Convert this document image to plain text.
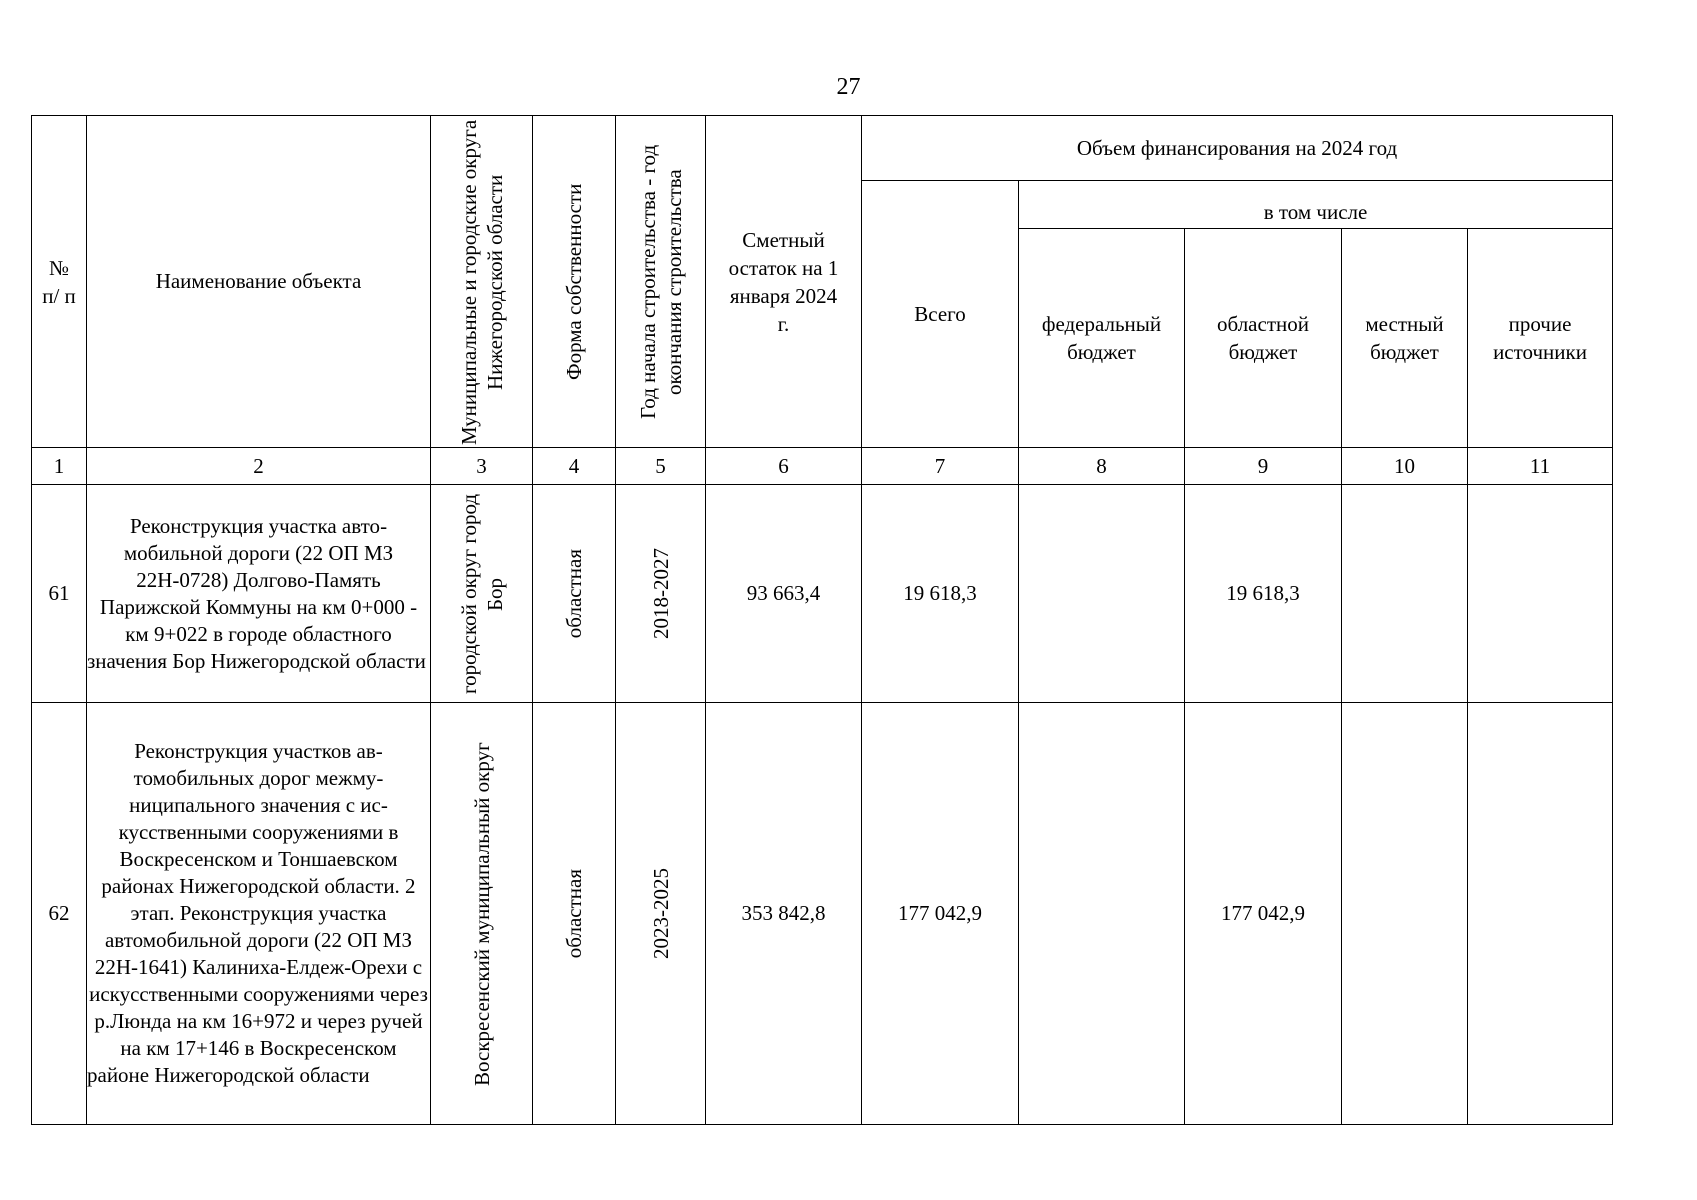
27
№ п/ п	Наименование объекта	Муниципальные и городские округа Нижегородской области	Форма собственности	Год начала строительства - год окончания строительства	Сметный остаток на 1 января 2024 г.	Объем финансирования на 2024 год				

						Всего	в том числе			

							федеральный бюджет	областной бюджет	местный бюджет	прочие источники

1	2	3	4	5	6	7	8	9	10	11
61	Реконструкция участка автомобильной дороги (22 ОП МЗ 22Н-0728) Долгово-Память Парижской Коммуны на км 0+000 - км 9+022 в городе областного значения Бор Нижегородской области	городской округ город Бор	областная	2018-2027	93 663,4	19 618,3		19 618,3		
62	Реконструкция участков автомобильных дорог межмуниципального значения с искусственными сооружениями в Воскресенском и Тоншаевском районах Нижегородской области. 2 этап. Реконструкция участка автомобильной дороги (22 ОП МЗ 22Н-1641) Калиниха-Елдеж-Орехи с искусственными сооружениями через р.Люнда на км 16+972 и через ручей на км 17+146 в Воскресенском районе Нижегородской области	Воскресенский муниципальный округ	областная	2023-2025	353 842,8	177 042,9		177 042,9		
